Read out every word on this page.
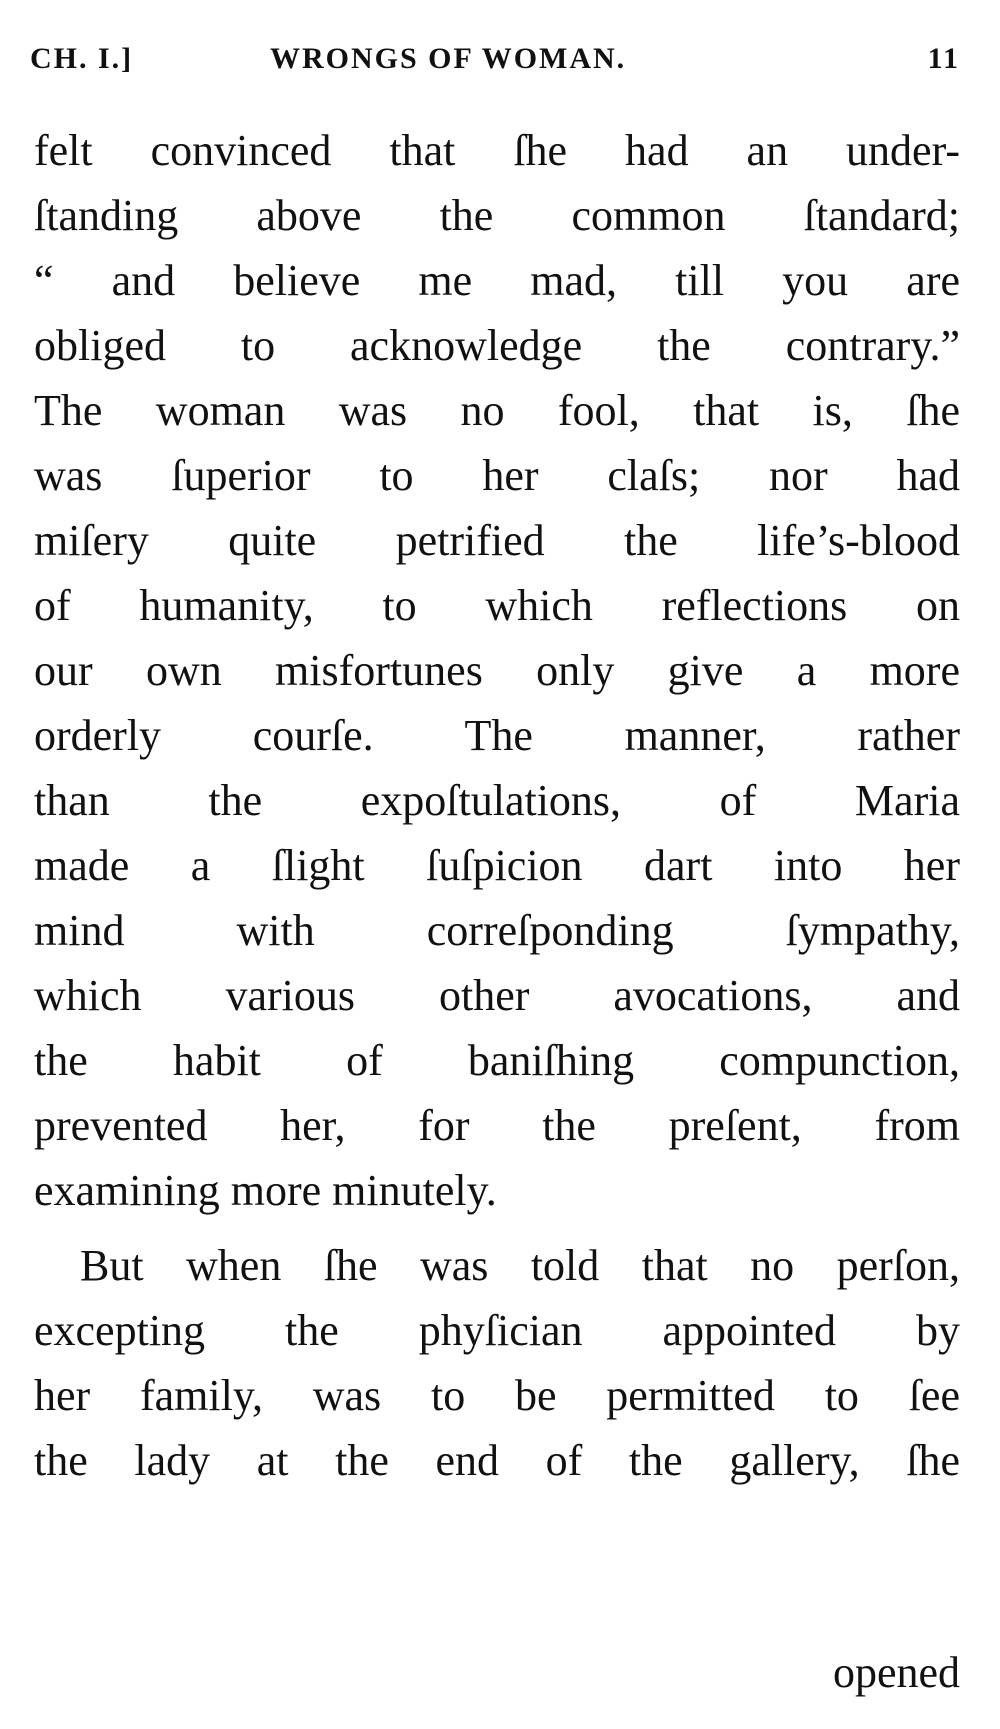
CH. I.]	WRONGS OF WOMAN.	11
felt convinced that ſhe had an under-
ſtanding above the common ſtandard;
“ and believe me mad, till you are
obliged to acknowledge the contrary.”
The woman was no fool, that is, ſhe
was ſuperior to her claſs; nor had
miſery quite petrified the life’s-blood
of humanity, to which reflections on
our own misfortunes only give a more
orderly courſe. The manner, rather
than the expoſtulations, of Maria
made a ſlight ſuſpicion dart into her
mind with correſponding ſympathy,
which various other avocations, and
the habit of baniſhing compunction,
prevented her, for the preſent, from
examining more minutely.
But when ſhe was told that no perſon,
excepting the phyſician appointed by
her family, was to be permitted to ſee
the lady at the end of the gallery, ſhe
opened
